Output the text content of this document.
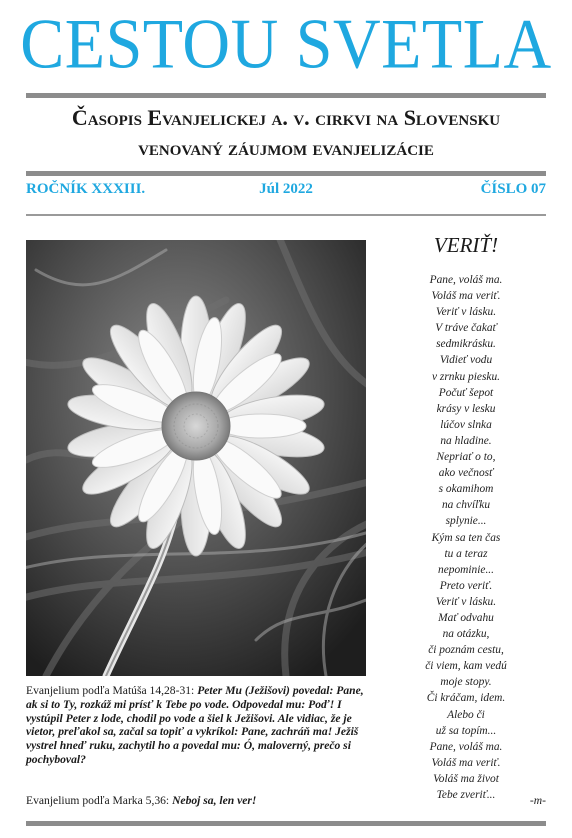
CESTOU SVETLA
Časopis Evanjelickej a. v. cirkvi na Slovensku
venovaný záujmom evanjelizácie
ROČNÍK XXXIII.	Júl 2022	ČÍSLO 07
VERIŤ!
Pane, voláš ma.
Voláš ma veriť.
Veriť v lásku.
V tráve čakať
sedmikrásku.
Vidieť vodu
v zrnku piesku.
Počuť šepot
krásy v lesku
lúčov slnka
na hladine.
Nepriať o to,
ako večnosť
s okamihom
na chvíľku
splynie...
Kým sa ten čas
tu a teraz
nepominie...
Preto veriť.
Veriť v lásku.
Mať odvahu
na otázku,
či poznám cestu,
či viem, kam vedú
moje stopy.
Či kráčam, idem.
Alebo či
už sa topím...
Pane, voláš ma.
Voláš ma veriť.
Voláš ma život
Tebe zveriť...
Evanjelium podľa Matúša 14,28-31: Peter Mu (Ježišovi) povedal: Pane, ak si to Ty, rozkáž mi prísť k Tebe po vode. Odpovedal mu: Poď! I vystúpil Peter z lode, chodil po vode a šiel k Ježišovi. Ale vidiac, že je vietor, preľakol sa, začal sa topiť a vykríkol: Pane, zachráň ma! Ježiš vystrel hneď ruku, zachytil ho a povedal mu: Ó, maloverný, prečo si pochyboval?
Evanjelium podľa Marka 5,36: Neboj sa, len ver!	-m-
